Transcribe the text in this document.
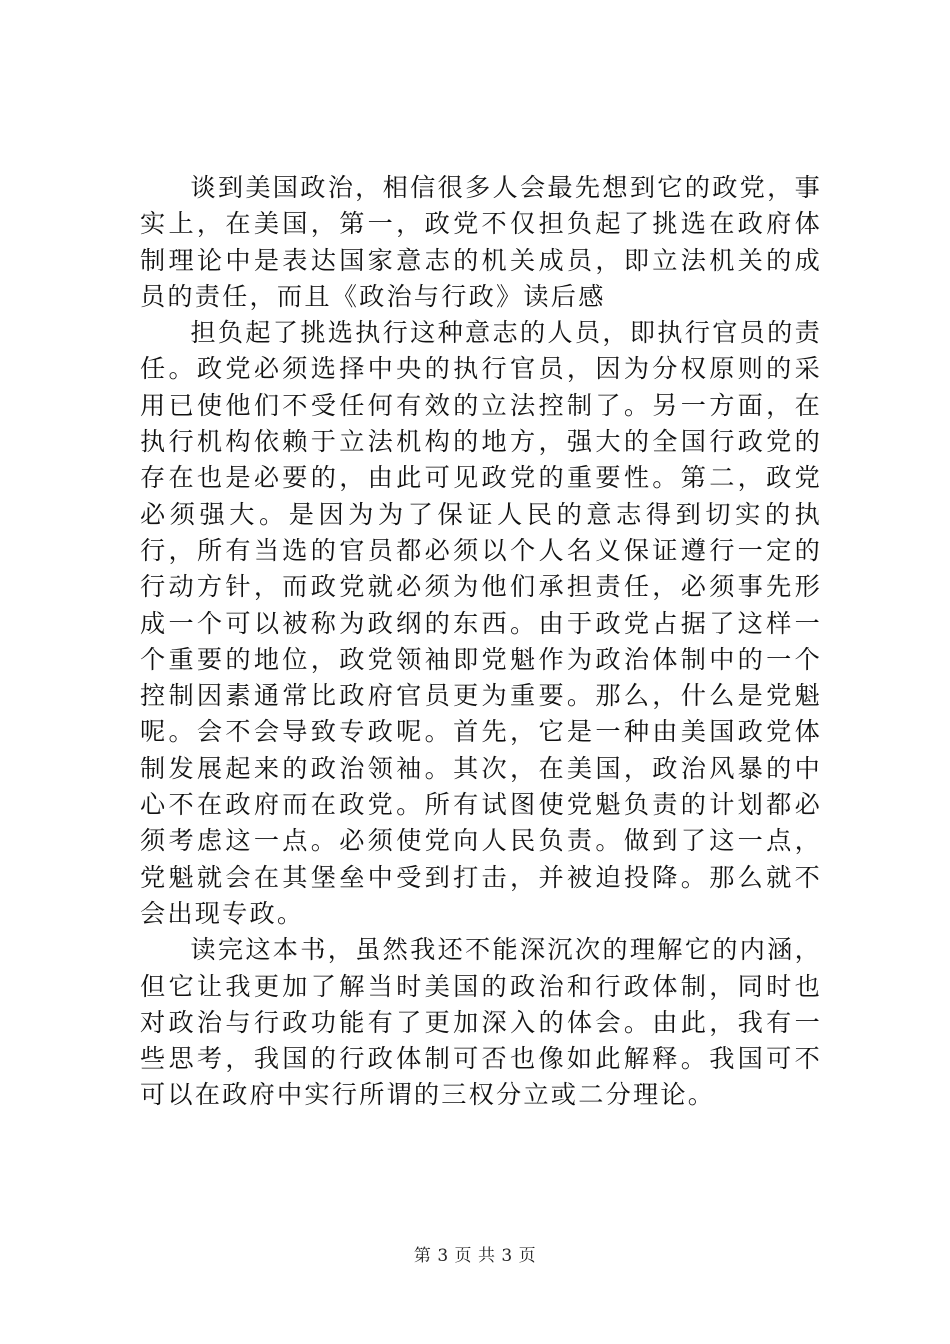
谈到美国政治，相信很多人会最先想到它的政党，事实上，在美国，第一，政党不仅担负起了挑选在政府体制理论中是表达国家意志的机关成员，即立法机关的成员的责任，而且《政治与行政》读后感

担负起了挑选执行这种意志的人员，即执行官员的责任。政党必须选择中央的执行官员，因为分权原则的采用已使他们不受任何有效的立法控制了。另一方面，在执行机构依赖于立法机构的地方，强大的全国行政党的存在也是必要的，由此可见政党的重要性。第二，政党必须强大。是因为为了保证人民的意志得到切实的执行，所有当选的官员都必须以个人名义保证遵行一定的行动方针，而政党就必须为他们承担责任，必须事先形成一个可以被称为政纲的东西。由于政党占据了这样一个重要的地位，政党领袖即党魁作为政治体制中的一个控制因素通常比政府官员更为重要。那么，什么是党魁呢。会不会导致专政呢。首先，它是一种由美国政党体制发展起来的政治领袖。其次，在美国，政治风暴的中心不在政府而在政党。所有试图使党魁负责的计划都必须考虑这一点。必须使党向人民负责。做到了这一点，党魁就会在其堡垒中受到打击，并被迫投降。那么就不会出现专政。

读完这本书，虽然我还不能深沉次的理解它的内涵，但它让我更加了解当时美国的政治和行政体制，同时也对政治与行政功能有了更加深入的体会。由此，我有一些思考，我国的行政体制可否也像如此解释。我国可不可以在政府中实行所谓的三权分立或二分理论。

第 3 页 共 3 页
